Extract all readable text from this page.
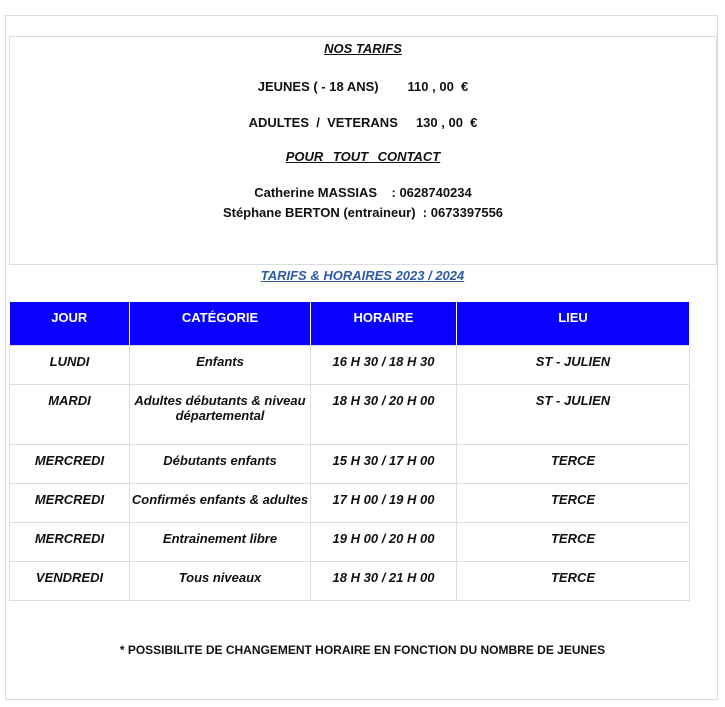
NOS TARIFS
JEUNES ( - 18 ANS) 110 , 00  €
ADULTES  /  VETERANS 130 , 00  €
POUR TOUT CONTACT
Catherine MASSIAS : 0628740234
Stéphane BERTON (entraineur) : 0673397556
TARIFS & HORAIRES 2023 / 2024
JOUR	CATÉGORIE	HORAIRE	LIEU	
LUNDI	Enfants	16 H 30 / 18 H 30	ST - JULIEN	
MARDI	Adultes débutants & niveau départemental	18 H 30 / 20 H 00	ST - JULIEN	
MERCREDI	Débutants enfants	15 H 30 / 17 H 00	TERCE	
MERCREDI	Confirmés enfants & adultes	17 H 00 / 19 H 00	TERCE	
MERCREDI	Entrainement libre	19 H 00 / 20 H 00	TERCE	
VENDREDI	Tous niveaux	18 H 30 / 21 H 00	TERCE	
* POSSIBILITE DE CHANGEMENT HORAIRE EN FONCTION DU NOMBRE DE JEUNES
